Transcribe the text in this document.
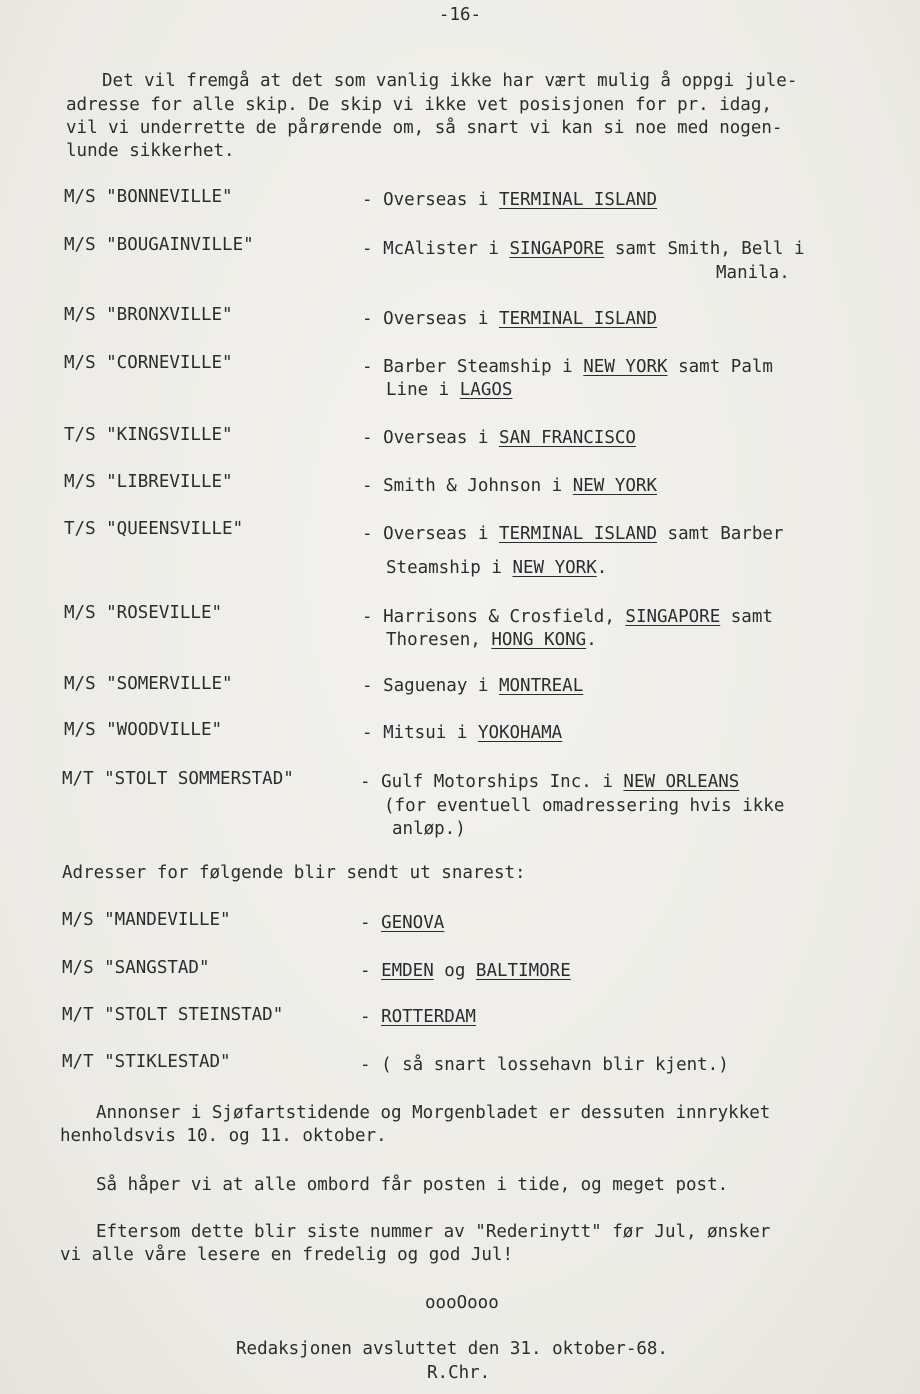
-16-
Det vil fremgå at det som vanlig ikke har vært mulig å oppgi jule-
adresse for alle skip. De skip vi ikke vet posisjonen for pr. idag,
vil vi underrette de pårørende om, så snart vi kan si noe med nogen-
lunde sikkerhet.
M/S "BONNEVILLE"	- Overseas i TERMINAL ISLAND
M/S "BOUGAINVILLE"	- McAlister i SINGAPORE samt Smith, Bell i
Manila.
M/S "BRONXVILLE"	- Overseas i TERMINAL ISLAND
M/S "CORNEVILLE"	- Barber Steamship i NEW YORK samt Palm
Line i LAGOS
T/S "KINGSVILLE"	- Overseas i SAN FRANCISCO
M/S "LIBREVILLE"	- Smith & Johnson i NEW YORK
T/S "QUEENSVILLE"	- Overseas i TERMINAL ISLAND samt Barber
Steamship i NEW YORK.
M/S "ROSEVILLE"	- Harrisons & Crosfield, SINGAPORE samt
Thoresen, HONG KONG.
M/S "SOMERVILLE"	- Saguenay i MONTREAL
M/S "WOODVILLE"	- Mitsui i YOKOHAMA
M/T "STOLT SOMMERSTAD"	- Gulf Motorships Inc. i NEW ORLEANS
(for eventuell omadressering hvis ikke
anløp.)
Adresser for følgende blir sendt ut snarest:
M/S "MANDEVILLE"	- GENOVA
M/S "SANGSTAD"	- EMDEN og BALTIMORE
M/T "STOLT STEINSTAD"	- ROTTERDAM
M/T "STIKLESTAD"	- ( så snart lossehavn blir kjent.)
Annonser i Sjøfartstidende og Morgenbladet er dessuten innrykket
henholdsvis 10. og 11. oktober.
Så håper vi at alle ombord får posten i tide, og meget post.
Eftersom dette blir siste nummer av "Rederinytt" før Jul, ønsker
vi alle våre lesere en fredelig og god Jul!
oooOooo
Redaksjonen avsluttet den 31. oktober-68.
R.Chr.
